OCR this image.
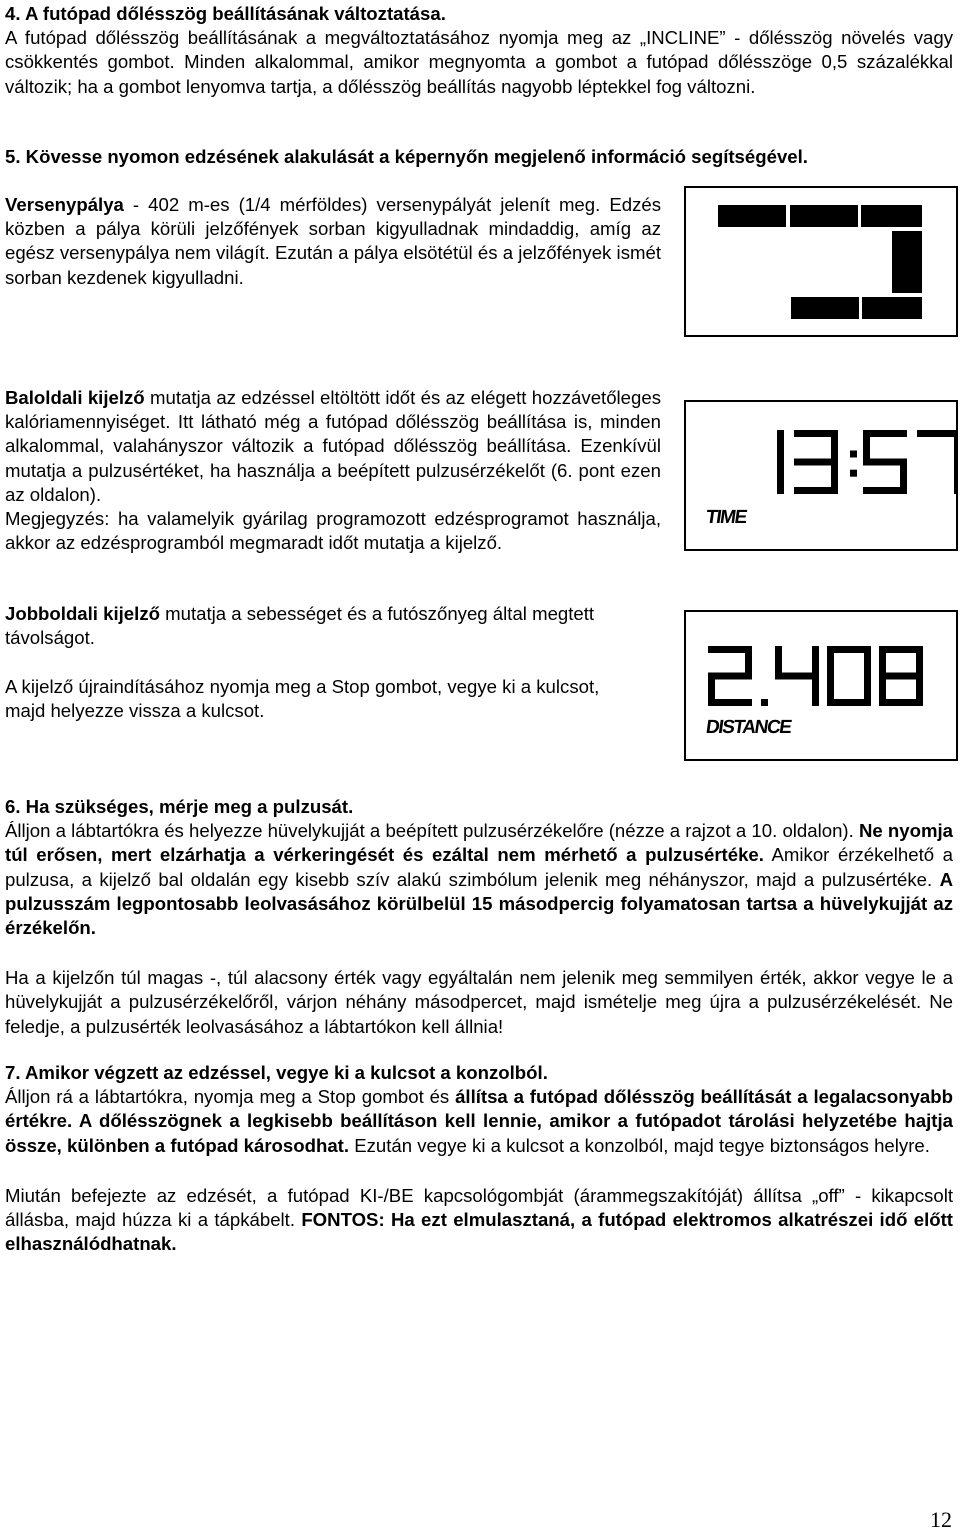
4. A futópad dőlésszög beállításának változtatása.

A futópad dőlésszög beállításának a megváltoztatásához nyomja meg az „INCLINE” - dőlésszög növelés vagy csökkentés gombot. Minden alkalommal, amikor megnyomta a gombot a futópad dőlésszöge 0,5 százalékkal változik; ha a gombot lenyomva tartja, a dőlésszög beállítás nagyobb léptekkel fog változni.

5. Kövesse nyomon edzésének alakulását a képernyőn megjelenő információ segítségével.

Versenypálya - 402 m-es (1/4 mérföldes) versenypályát jelenít meg. Edzés közben a pálya körüli jelzőfények sorban kigyulladnak mindaddig, amíg az egész versenypálya nem világít. Ezután a pálya elsötétül és a jelzőfények ismét sorban kezdenek kigyulladni.

Baloldali kijelző mutatja az edzéssel eltöltött időt és az elégett hozzávetőleges kalóriamennyiséget. Itt látható még a futópad dőlésszög beállítása is, minden alkalommal, valahányszor változik a futópad dőlésszög beállítása. Ezenkívül mutatja a pulzusértéket, ha használja a beépített pulzusérzékelőt (6. pont ezen az oldalon).

Megjegyzés: ha valamelyik gyárilag programozott edzésprogramot használja, akkor az edzésprogramból megmaradt időt mutatja a kijelző.

TIME

Jobboldali kijelző mutatja a sebességet és a futószőnyeg által megtett távolságot.

A kijelző újraindításához nyomja meg a Stop gombot, vegye ki a kulcsot, majd helyezze vissza a kulcsot.

DISTANCE
6. Ha szükséges, mérje meg a pulzusát.

Álljon a lábtartókra és helyezze hüvelykujját a beépített pulzusérzékelőre (nézze a rajzot a 10. oldalon). Ne nyomja túl erősen, mert elzárhatja a vérkeringését és ezáltal nem mérhető a pulzusértéke. Amikor érzékelhető a pulzusa, a kijelző bal oldalán egy kisebb szív alakú szimbólum jelenik meg néhányszor, majd a pulzusértéke. A pulzusszám legpontosabb leolvasásához körülbelül 15 másodpercig folyamatosan tartsa a hüvelykujját az érzékelőn.

Ha a kijelzőn túl magas -, túl alacsony érték vagy egyáltalán nem jelenik meg semmilyen érték, akkor vegye le a hüvelykujját a pulzusérzékelőről, várjon néhány másodpercet, majd ismételje meg újra a pulzusérzékelését. Ne feledje, a pulzusérték leolvasásához a lábtartókon kell állnia!

7. Amikor végzett az edzéssel, vegye ki a kulcsot a konzolból.

Álljon rá a lábtartókra, nyomja meg a Stop gombot és állítsa a futópad dőlésszög beállítását a legalacsonyabb értékre. A dőlésszögnek a legkisebb beállításon kell lennie, amikor a futópadot tárolási helyzetébe hajtja össze, különben a futópad károsodhat. Ezután vegye ki a kulcsot a konzolból, majd tegye biztonságos helyre.

Miután befejezte az edzését, a futópad KI-/BE kapcsológombját (árammegszakítóját) állítsa „off” - kikapcsolt állásba, majd húzza ki a tápkábelt. FONTOS: Ha ezt elmulasztaná, a futópad elektromos alkatrészei idő előtt elhasználódhatnak.

12
